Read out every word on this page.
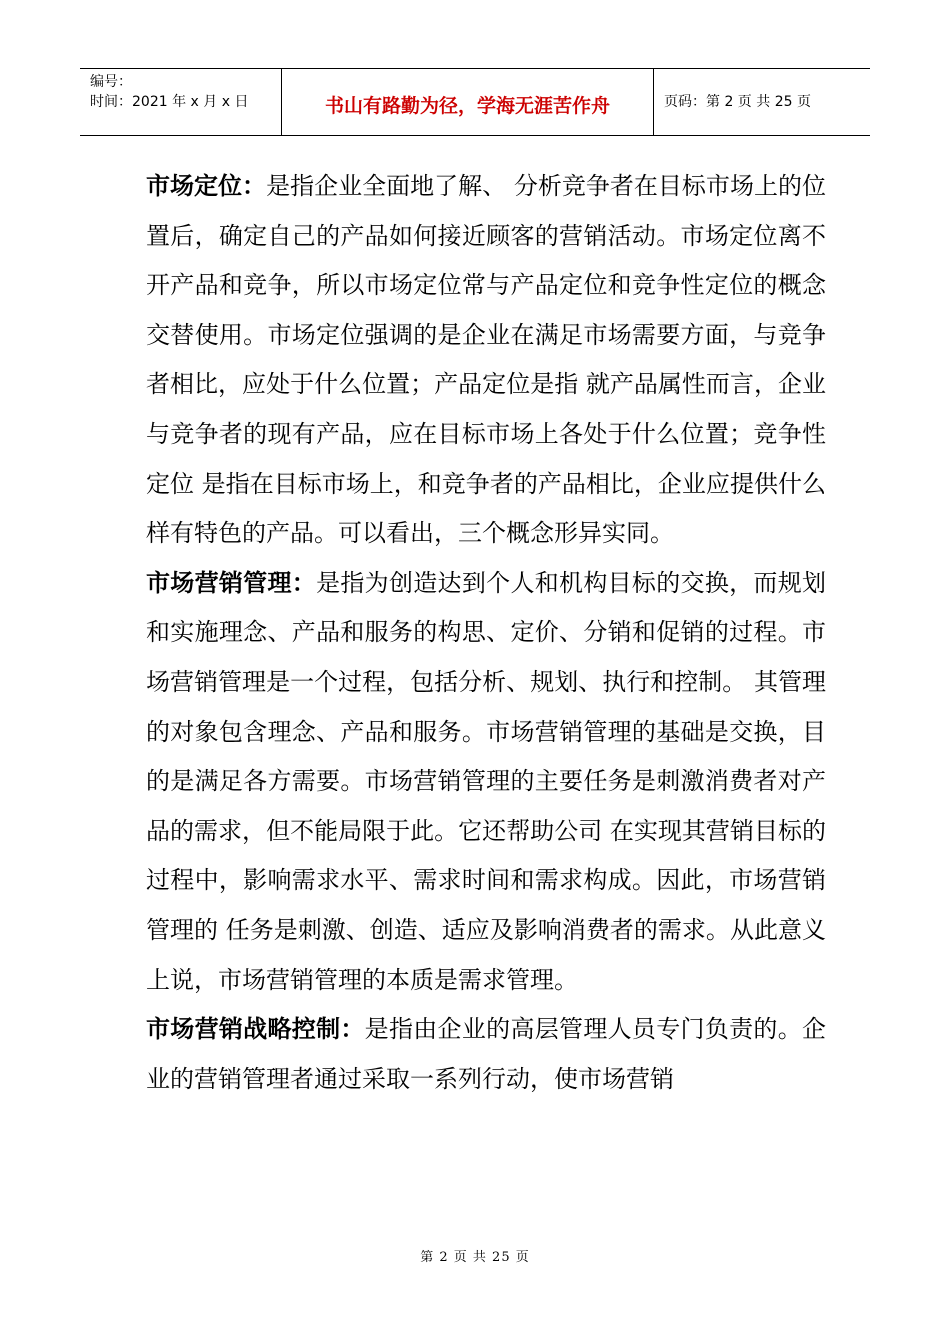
编号：
时间：2021 年 x 月 x 日	书山有路勤为径，学海无涯苦作舟	页码：第 2 页 共 25 页

市场定位：是指企业全面地了解、 分析竞争者在目标市场上的位置后，确定自己的产品如何接近顾客的营销活动。市场定位离不开产品和竞争，所以市场定位常与产品定位和竞争性定位的概念交替使用。市场定位强调的是企业在满足市场需要方面，与竞争者相比，应处于什么位置；产品定位是指 就产品属性而言，企业与竞争者的现有产品，应在目标市场上各处于什么位置；竞争性定位 是指在目标市场上，和竞争者的产品相比，企业应提供什么样有特色的产品。可以看出，三个概念形异实同。

市场营销管理：是指为创造达到个人和机构目标的交换，而规划和实施理念、产品和服务的构思、定价、分销和促销的过程。市场营销管理是一个过程，包括分析、规划、执行和控制。 其管理的对象包含理念、产品和服务。市场营销管理的基础是交换，目的是满足各方需要。市场营销管理的主要任务是刺激消费者对产品的需求，但不能局限于此。它还帮助公司 在实现其营销目标的过程中，影响需求水平、需求时间和需求构成。因此，市场营销管理的 任务是刺激、创造、适应及影响消费者的需求。从此意义上说，市场营销管理的本质是需求管理。

市场营销战略控制：是指由企业的高层管理人员专门负责的。企业的营销管理者通过采取一系列行动，使市场营销

第 2 页 共 25 页
